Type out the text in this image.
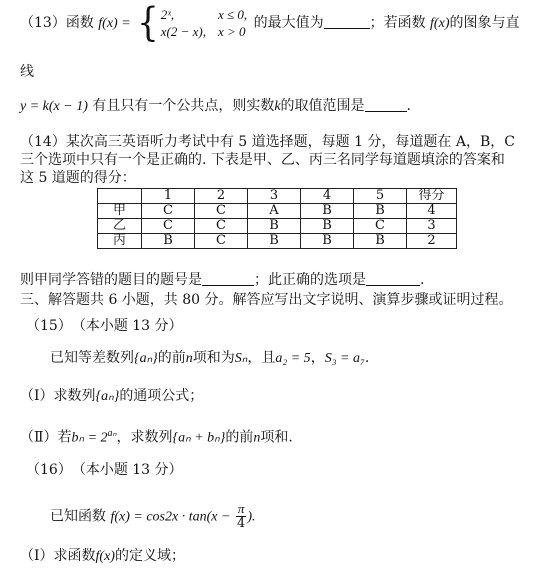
（13）函数 f(x) = { 2ˣ,	x ≤ 0,
x(2 − x), x > 0
的最大值为	；若函数 f(x)的图象与直
线
y = k(x − 1) 有且只有一个公共点，则实数k的取值范围是	.
（14）某次高三英语听力考试中有 5 道选择题，每题 1 分，每道题在 A，B，C
三个选项中只有一个是正确的. 下表是甲、乙、丙三名同学每道题填涂的答案和
这 5 道题的得分：
	1	2	3	4	5	得分
甲	C	C	A	B	B	4
乙	C	C	B	B	C	3
丙	B	C	B	B	B	2
则甲同学答错的题目的题号是	；此正确的选项是	.
三、解答题共 6 小题，共 80 分。解答应写出文字说明、演算步骤或证明过程。
（15）　（本小题 13 分）
已知等差数列{aₙ}的前n项和为Sₙ，且a₂ = 5，S₃ = a₇.
（Ⅰ）求数列{aₙ}的通项公式；
（Ⅱ）若$b_n = 2^{a_n}$，求数列{aₙ + bₙ}的前n项和.
（16）　（本小题 13 分）
已知函数 $f(x) = \cos 2x \cdot \tan(x - \frac{\pi}{4}$ ).
（Ⅰ）求函数f(x)的定义域；
